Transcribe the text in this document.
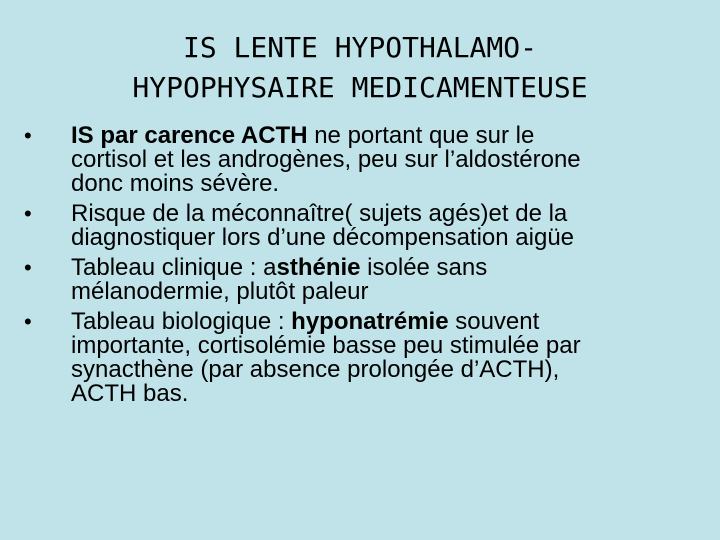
IS LENTE HYPOTHALAMO-
HYPOPHYSAIRE MEDICAMENTEUSE
•	IS par carence ACTH ne portant que sur le
cortisol et les androgènes, peu sur l’aldostérone
donc moins sévère.
•	Risque de la méconnaître( sujets agés)et de la
diagnostiquer lors d’une décompensation aigüe
•	Tableau clinique : asthénie isolée sans
mélanodermie, plutôt paleur
•	Tableau biologique : hyponatrémie souvent
importante, cortisolémie basse peu stimulée par
synacthène (par absence prolongée d’ACTH),
ACTH bas.
